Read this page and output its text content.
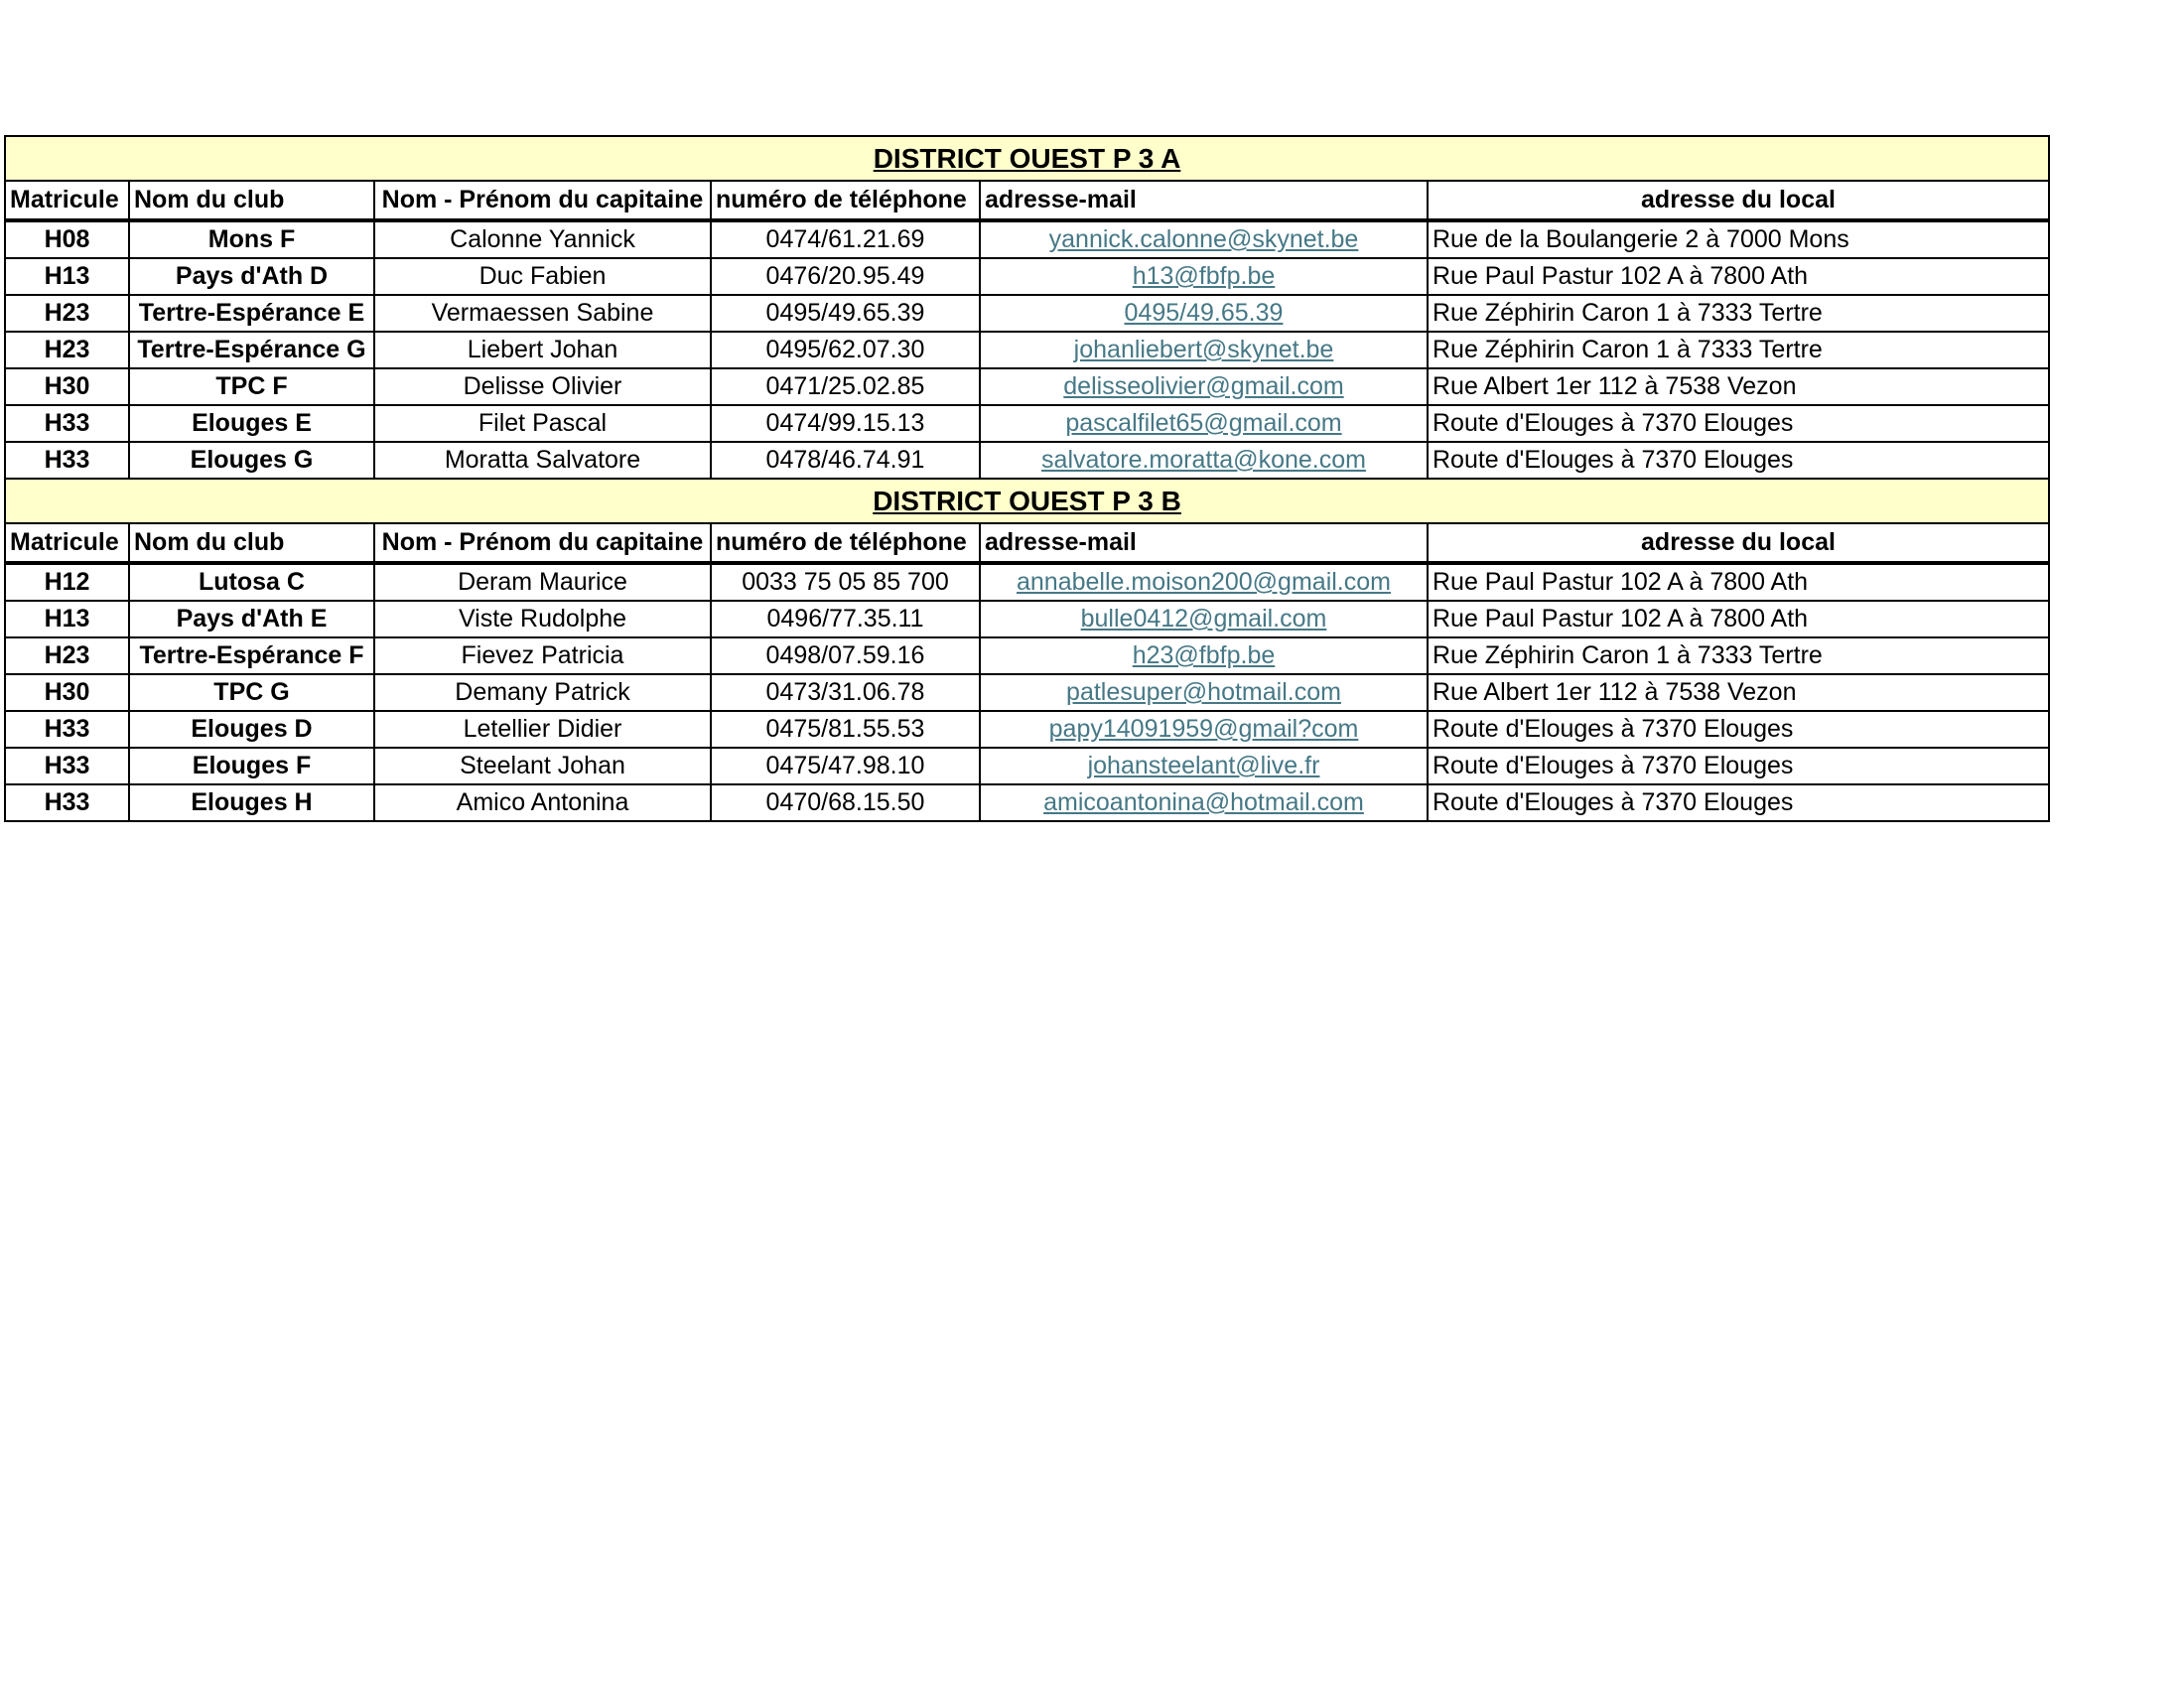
DISTRICT OUEST P 3 A					
Matricule	Nom du club	Nom - Prénom du capitaine	numéro de téléphone	adresse-mail	adresse du local
H08	Mons F	Calonne Yannick	0474/61.21.69	yannick.calonne@skynet.be	Rue de la Boulangerie 2 à 7000 Mons
H13	Pays d'Ath D	Duc Fabien	0476/20.95.49	h13@fbfp.be	Rue Paul Pastur 102 A à 7800 Ath
H23	Tertre-Espérance E	Vermaessen Sabine	0495/49.65.39	0495/49.65.39	Rue Zéphirin Caron 1 à 7333 Tertre
H23	Tertre-Espérance G	Liebert Johan	0495/62.07.30	johanliebert@skynet.be	Rue Zéphirin Caron 1 à 7333 Tertre
H30	TPC F	Delisse Olivier	0471/25.02.85	delisseolivier@gmail.com	Rue Albert 1er 112 à 7538 Vezon
H33	Elouges E	Filet Pascal	0474/99.15.13	pascalfilet65@gmail.com	Route d'Elouges à 7370 Elouges
H33	Elouges G	Moratta Salvatore	0478/46.74.91	salvatore.moratta@kone.com	Route d'Elouges à 7370 Elouges
DISTRICT OUEST P 3 B					
Matricule	Nom du club	Nom - Prénom du capitaine	numéro de téléphone	adresse-mail	adresse du local
H12	Lutosa C	Deram Maurice	0033 75 05 85 700	annabelle.moison200@gmail.com	Rue Paul Pastur 102 A à 7800 Ath
H13	Pays d'Ath E	Viste Rudolphe	0496/77.35.11	bulle0412@gmail.com	Rue Paul Pastur 102 A à 7800 Ath
H23	Tertre-Espérance F	Fievez Patricia	0498/07.59.16	h23@fbfp.be	Rue Zéphirin Caron 1 à 7333 Tertre
H30	TPC G	Demany Patrick	0473/31.06.78	patlesuper@hotmail.com	Rue Albert 1er 112 à 7538 Vezon
H33	Elouges D	Letellier Didier	0475/81.55.53	papy14091959@gmail?com	Route d'Elouges à 7370 Elouges
H33	Elouges F	Steelant Johan	0475/47.98.10	johansteelant@live.fr	Route d'Elouges à 7370 Elouges
H33	Elouges H	Amico Antonina	0470/68.15.50	amicoantonina@hotmail.com	Route d'Elouges à 7370 Elouges
